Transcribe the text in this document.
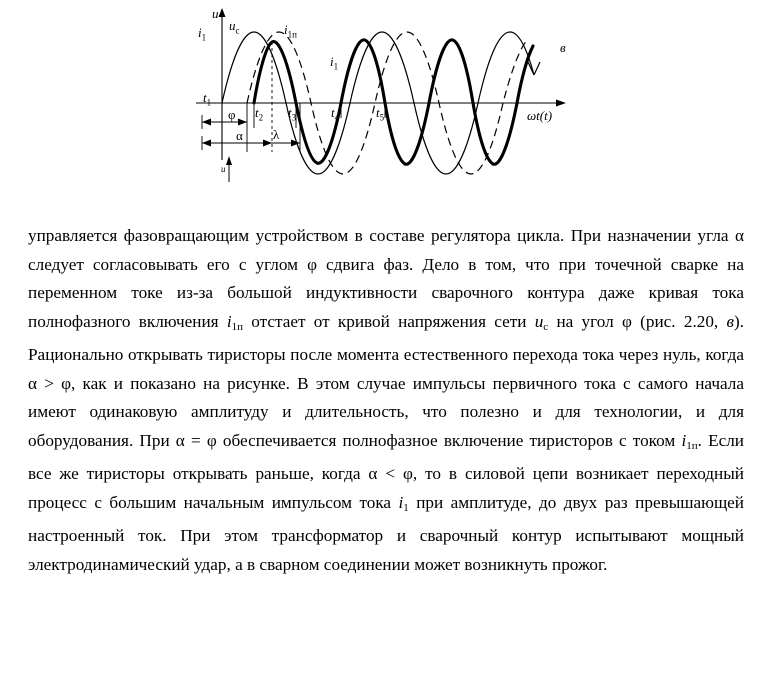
u
ωt(t)
в
$i_1$
$u_c$	$i_{1п}$
$i_1$
$t_1$
$t_2$ $t_3$	$t_4$	$t_5$
φ
λ
α
и

управляется фазовращающим устройством в составе регулятора цикла. При назначении угла α следует согласовывать его с углом φ сдвига фаз. Дело в том, что при точечной сварке на переменном токе из-за большой индуктивности сварочного контура даже кривая тока полнофазного включения $i_{1п}$ отстает от кривой напряжения сети $u_с$ на угол φ (рис. 2.20, в). Рационально открывать тиристоры после момента естественного перехода тока через нуль, когда α > φ, как и показано на рисунке. В этом случае импульсы первичного тока с самого начала имеют одинаковую амплитуду и длительность, что полезно и для технологии, и для оборудования. При α = φ обеспечивается полнофазное включение тиристоров с током $i_{1п}$. Если все же тиристоры открывать раньше, когда α < φ, то в силовой цепи возникает переходный процесс с большим начальным импульсом тока $i_1$ при амплитуде, до двух раз превышающей настроенный ток. При этом трансформатор и сварочный контур испытывают мощный электродинамический удар, а в сварном соединении может возникнуть прожог.
